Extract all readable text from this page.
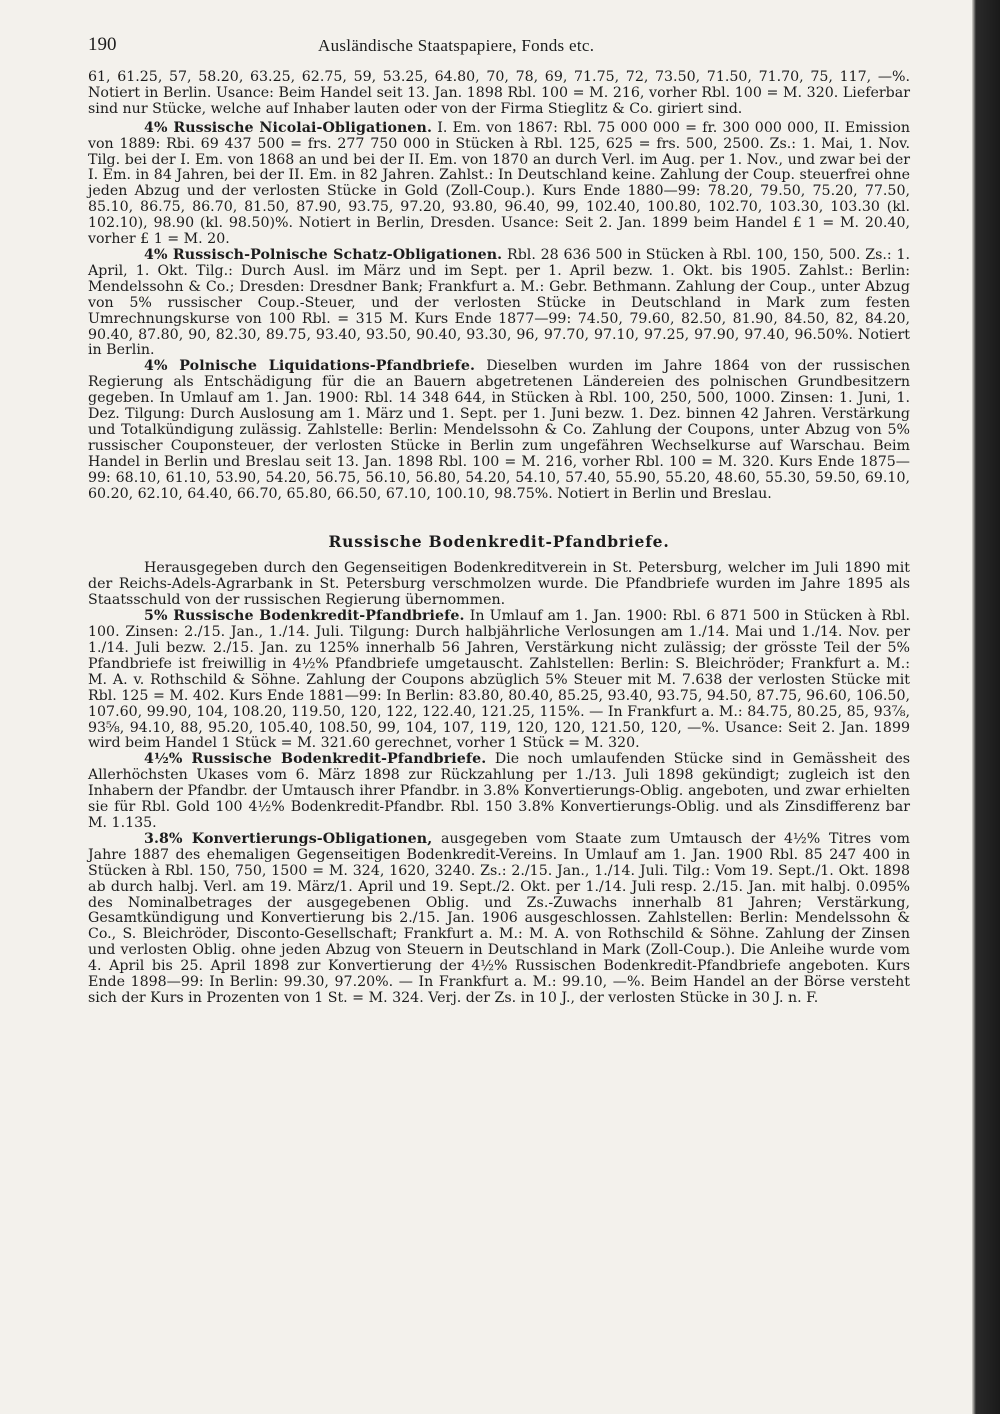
190	Ausländische Staatspapiere, Fonds etc.

61, 61.25, 57, 58.20, 63.25, 62.75, 59, 53.25, 64.80, 70, 78, 69, 71.75, 72, 73.50, 71.50, 71.70, 75, 117, —%. Notiert in Berlin. Usance: Beim Handel seit 13. Jan. 1898 Rbl. 100 = M. 216, vorher Rbl. 100 = M. 320. Lieferbar sind nur Stücke, welche auf Inhaber lauten oder von der Firma Stieglitz & Co. giriert sind.

4% Russische Nicolai-Obligationen. I. Em. von 1867: Rbl. 75 000 000 = fr. 300 000 000, II. Emission von 1889: Rbi. 69 437 500 = frs. 277 750 000 in Stücken à Rbl. 125, 625 = frs. 500, 2500. Zs.: 1. Mai, 1. Nov. Tilg. bei der I. Em. von 1868 an und bei der II. Em. von 1870 an durch Verl. im Aug. per 1. Nov., und zwar bei der I. Em. in 84 Jahren, bei der II. Em. in 82 Jahren. Zahlst.: In Deutschland keine. Zahlung der Coup. steuerfrei ohne jeden Abzug und der verlosten Stücke in Gold (Zoll-Coup.). Kurs Ende 1880—99: 78.20, 79.50, 75.20, 77.50, 85.10, 86.75, 86.70, 81.50, 87.90, 93.75, 97.20, 93.80, 96.40, 99, 102.40, 100.80, 102.70, 103.30, 103.30 (kl. 102.10), 98.90 (kl. 98.50)%. Notiert in Berlin, Dresden. Usance: Seit 2. Jan. 1899 beim Handel £ 1 = M. 20.40, vorher £ 1 = M. 20.

4% Russisch-Polnische Schatz-Obligationen. Rbl. 28 636 500 in Stücken à Rbl. 100, 150, 500. Zs.: 1. April, 1. Okt. Tilg.: Durch Ausl. im März und im Sept. per 1. April bezw. 1. Okt. bis 1905. Zahlst.: Berlin: Mendelssohn & Co.; Dresden: Dresdner Bank; Frankfurt a. M.: Gebr. Bethmann. Zahlung der Coup., unter Abzug von 5% russischer Coup.-Steuer, und der verlosten Stücke in Deutschland in Mark zum festen Umrechnungskurse von 100 Rbl. = 315 M. Kurs Ende 1877—99: 74.50, 79.60, 82.50, 81.90, 84.50, 82, 84.20, 90.40, 87.80, 90, 82.30, 89.75, 93.40, 93.50, 90.40, 93.30, 96, 97.70, 97.10, 97.25, 97.90, 97.40, 96.50%. Notiert in Berlin.

4% Polnische Liquidations-Pfandbriefe. Dieselben wurden im Jahre 1864 von der russischen Regierung als Entschädigung für die an Bauern abgetretenen Ländereien des polnischen Grundbesitzern gegeben. In Umlauf am 1. Jan. 1900: Rbl. 14 348 644, in Stücken à Rbl. 100, 250, 500, 1000. Zinsen: 1. Juni, 1. Dez. Tilgung: Durch Auslosung am 1. März und 1. Sept. per 1. Juni bezw. 1. Dez. binnen 42 Jahren. Verstärkung und Totalkündigung zulässig. Zahlstelle: Berlin: Mendelssohn & Co. Zahlung der Coupons, unter Abzug von 5% russischer Couponsteuer, der verlosten Stücke in Berlin zum ungefähren Wechselkurse auf Warschau. Beim Handel in Berlin und Breslau seit 13. Jan. 1898 Rbl. 100 = M. 216, vorher Rbl. 100 = M. 320. Kurs Ende 1875—99: 68.10, 61.10, 53.90, 54.20, 56.75, 56.10, 56.80, 54.20, 54.10, 57.40, 55.90, 55.20, 48.60, 55.30, 59.50, 69.10, 60.20, 62.10, 64.40, 66.70, 65.80, 66.50, 67.10, 100.10, 98.75%. Notiert in Berlin und Breslau.

Russische Bodenkredit-Pfandbriefe.

Herausgegeben durch den Gegenseitigen Bodenkreditverein in St. Petersburg, welcher im Juli 1890 mit der Reichs-Adels-Agrarbank in St. Petersburg verschmolzen wurde. Die Pfandbriefe wurden im Jahre 1895 als Staatsschuld von der russischen Regierung übernommen.

5% Russische Bodenkredit-Pfandbriefe. In Umlauf am 1. Jan. 1900: Rbl. 6 871 500 in Stücken à Rbl. 100. Zinsen: 2./15. Jan., 1./14. Juli. Tilgung: Durch halbjährliche Verlosungen am 1./14. Mai und 1./14. Nov. per 1./14. Juli bezw. 2./15. Jan. zu 125% innerhalb 56 Jahren, Verstärkung nicht zulässig; der grösste Teil der 5% Pfandbriefe ist freiwillig in 4½% Pfandbriefe umgetauscht. Zahlstellen: Berlin: S. Bleichröder; Frankfurt a. M.: M. A. v. Rothschild & Söhne. Zahlung der Coupons abzüglich 5% Steuer mit M. 7.638 der verlosten Stücke mit Rbl. 125 = M. 402. Kurs Ende 1881—99: In Berlin: 83.80, 80.40, 85.25, 93.40, 93.75, 94.50, 87.75, 96.60, 106.50, 107.60, 99.90, 104, 108.20, 119.50, 120, 122, 122.40, 121.25, 115%. — In Frankfurt a. M.: 84.75, 80.25, 85, 93⅞, 93⅝, 94.10, 88, 95.20, 105.40, 108.50, 99, 104, 107, 119, 120, 120, 121.50, 120, —%. Usance: Seit 2. Jan. 1899 wird beim Handel 1 Stück = M. 321.60 gerechnet, vorher 1 Stück = M. 320.

4½% Russische Bodenkredit-Pfandbriefe. Die noch umlaufenden Stücke sind in Gemässheit des Allerhöchsten Ukases vom 6. März 1898 zur Rückzahlung per 1./13. Juli 1898 gekündigt; zugleich ist den Inhabern der Pfandbr. der Umtausch ihrer Pfandbr. in 3.8% Konvertierungs-Oblig. angeboten, und zwar erhielten sie für Rbl. Gold 100 4½% Bodenkredit-Pfandbr. Rbl. 150 3.8% Konvertierungs-Oblig. und als Zinsdifferenz bar M. 1.135.

3.8% Konvertierungs-Obligationen, ausgegeben vom Staate zum Umtausch der 4½% Titres vom Jahre 1887 des ehemaligen Gegenseitigen Bodenkredit-Vereins. In Umlauf am 1. Jan. 1900 Rbl. 85 247 400 in Stücken à Rbl. 150, 750, 1500 = M. 324, 1620, 3240. Zs.: 2./15. Jan., 1./14. Juli. Tilg.: Vom 19. Sept./1. Okt. 1898 ab durch halbj. Verl. am 19. März/1. April und 19. Sept./2. Okt. per 1./14. Juli resp. 2./15. Jan. mit halbj. 0.095% des Nominalbetrages der ausgegebenen Oblig. und Zs.-Zuwachs innerhalb 81 Jahren; Verstärkung, Gesamtkündigung und Konvertierung bis 2./15. Jan. 1906 ausgeschlossen. Zahlstellen: Berlin: Mendelssohn & Co., S. Bleichröder, Disconto-Gesellschaft; Frankfurt a. M.: M. A. von Rothschild & Söhne. Zahlung der Zinsen und verlosten Oblig. ohne jeden Abzug von Steuern in Deutschland in Mark (Zoll-Coup.). Die Anleihe wurde vom 4. April bis 25. April 1898 zur Konvertierung der 4½% Russischen Bodenkredit-Pfandbriefe angeboten. Kurs Ende 1898—99: In Berlin: 99.30, 97.20%. — In Frankfurt a. M.: 99.10, —%. Beim Handel an der Börse versteht sich der Kurs in Prozenten von 1 St. = M. 324. Verj. der Zs. in 10 J., der verlosten Stücke in 30 J. n. F.
